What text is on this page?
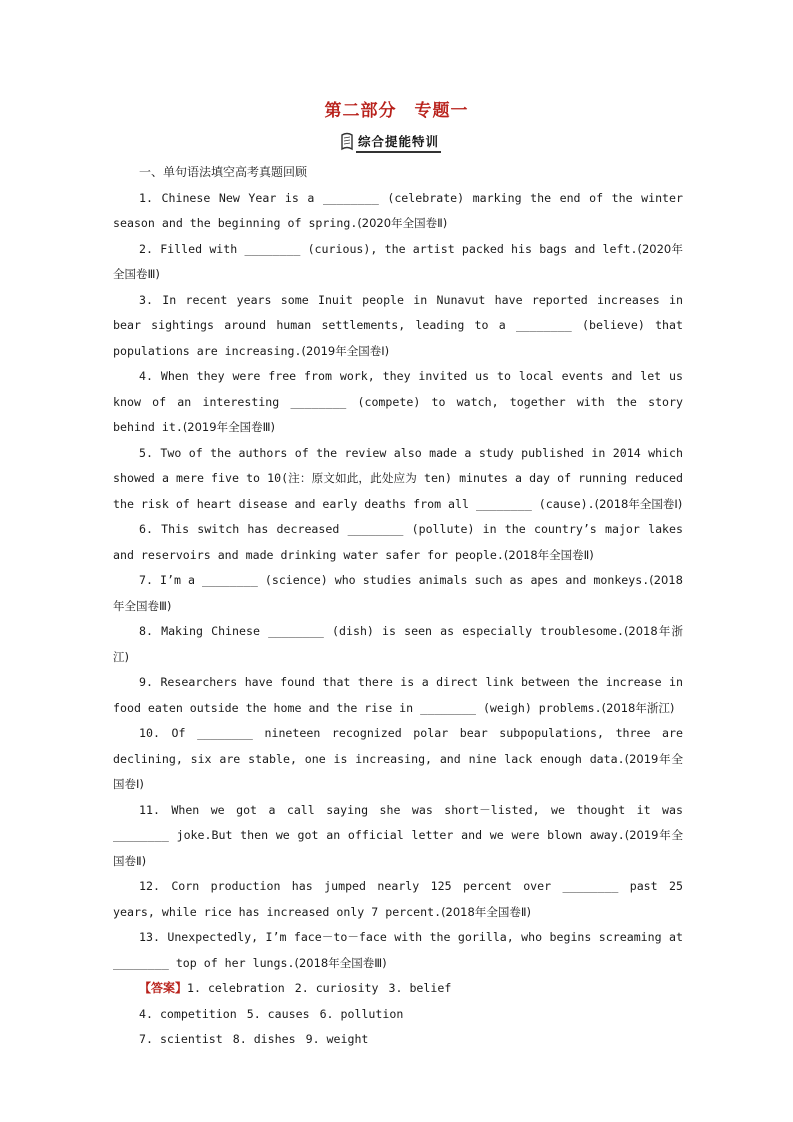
第二部分　专题一
综合提能特训
一、单句语法填空高考真题回顾

1. Chinese New Year is a ________ (celebrate) marking the end of the winter season and the beginning of spring.(2020年全国卷Ⅱ)

2. Filled with ________ (curious), the artist packed his bags and left.(2020年全国卷Ⅲ)

3. In recent years some Inuit people in Nunavut have reported increases in bear sightings around human settlements, leading to a ________ (believe) that populations are increasing.(2019年全国卷Ⅰ)

4. When they were free from work, they invited us to local events and let us know of an interesting ________ (compete) to watch, together with the story behind it.(2019年全国卷Ⅲ)

5. Two of the authors of the review also made a study published in 2014 which showed a mere five to 10(注：原文如此，此处应为 ten) minutes a day of running reduced the risk of heart disease and early deaths from all ________ (cause).(2018年全国卷Ⅰ)

6. This switch has decreased ________ (pollute) in the country’s major lakes and reservoirs and made drinking water safer for people.(2018年全国卷Ⅱ)

7. I’m a ________ (science) who studies animals such as apes and monkeys.(2018年全国卷Ⅲ)

8. Making Chinese ________ (dish) is seen as especially troublesome.(2018年浙江)

9. Researchers have found that there is a direct link between the increase in food eaten outside the home and the rise in ________ (weigh) problems.(2018年浙江)

10. Of ________ nineteen recognized polar bear subpopulations, three are declining, six are stable, one is increasing, and nine lack enough data.(2019年全国卷Ⅰ)

11. When we got a call saying she was short－listed, we thought it was ________ joke.But then we got an official letter and we were blown away.(2019年全国卷Ⅱ)

12. Corn production has jumped nearly 125 percent over ________ past 25 years, while rice has increased only 7 percent.(2018年全国卷Ⅱ)

13. Unexpectedly, I’m face－to－face with the gorilla, who begins screaming at ________ top of her lungs.(2018年全国卷Ⅲ)

【答案】1. celebration 2. curiosity 3. belief
4. competition 5. causes 6. pollution
7. scientist 8. dishes 9. weight
